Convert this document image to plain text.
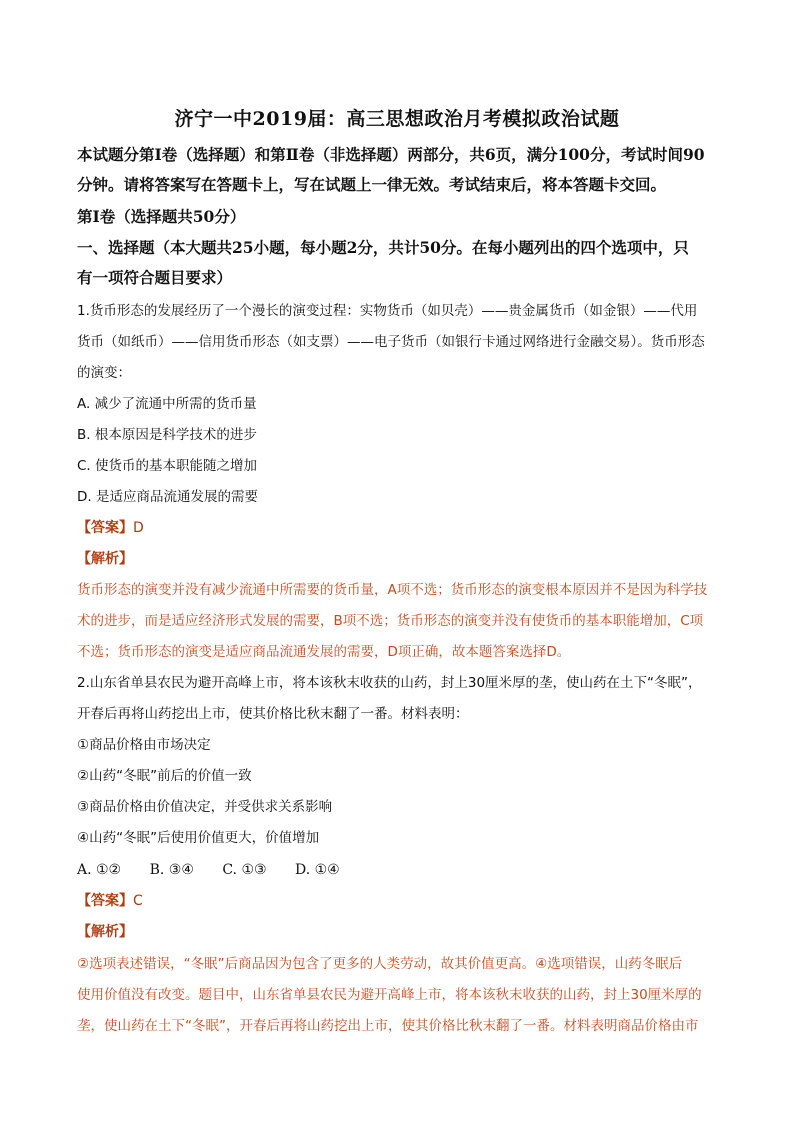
济宁一中2019届：高三思想政治月考模拟政治试题
本试题分第Ⅰ卷（选择题）和第Ⅱ卷（非选择题）两部分，共6页，满分100分，考试时间90
分钟。请将答案写在答题卡上，写在试题上一律无效。考试结束后，将本答题卡交回。
第Ⅰ卷（选择题共50分）
一、选择题（本大题共25小题，每小题2分，共计50分。在每小题列出的四个选项中，只
有一项符合题目要求）
1.货币形态的发展经历了一个漫长的演变过程：实物货币（如贝壳）——贵金属货币（如金银）——代用
货币（如纸币）——信用货币形态（如支票）——电子货币（如银行卡通过网络进行金融交易）。货币形态
的演变：
A. 减少了流通中所需的货币量
B. 根本原因是科学技术的进步
C. 使货币的基本职能随之增加
D. 是适应商品流通发展的需要
【答案】D
【解析】
货币形态的演变并没有减少流通中所需要的货币量，A项不选；货币形态的演变根本原因并不是因为科学技
术的进步，而是适应经济形式发展的需要，B项不选；货币形态的演变并没有使货币的基本职能增加，C项
不选；货币形态的演变是适应商品流通发展的需要，D项正确，故本题答案选择D。
2.山东省单县农民为避开高峰上市，将本该秋末收获的山药，封上30厘米厚的垄，使山药在土下“冬眠”，
开春后再将山药挖出上市，使其价格比秋末翻了一番。材料表明：
①商品价格由市场决定
②山药“冬眠”前后的价值一致
③商品价格由价值决定，并受供求关系影响
④山药“冬眠”后使用价值更大，价值增加
A. ①② B. ③④ C. ①③ D. ①④
【答案】C
【解析】
②选项表述错误，“冬眠”后商品因为包含了更多的人类劳动，故其价值更高。④选项错误，山药冬眠后
使用价值没有改变。题目中，山东省单县农民为避开高峰上市，将本该秋末收获的山药，封上30厘米厚的
垄，使山药在土下“冬眠”，开春后再将山药挖出上市，使其价格比秋末翻了一番。材料表明商品价格由市
